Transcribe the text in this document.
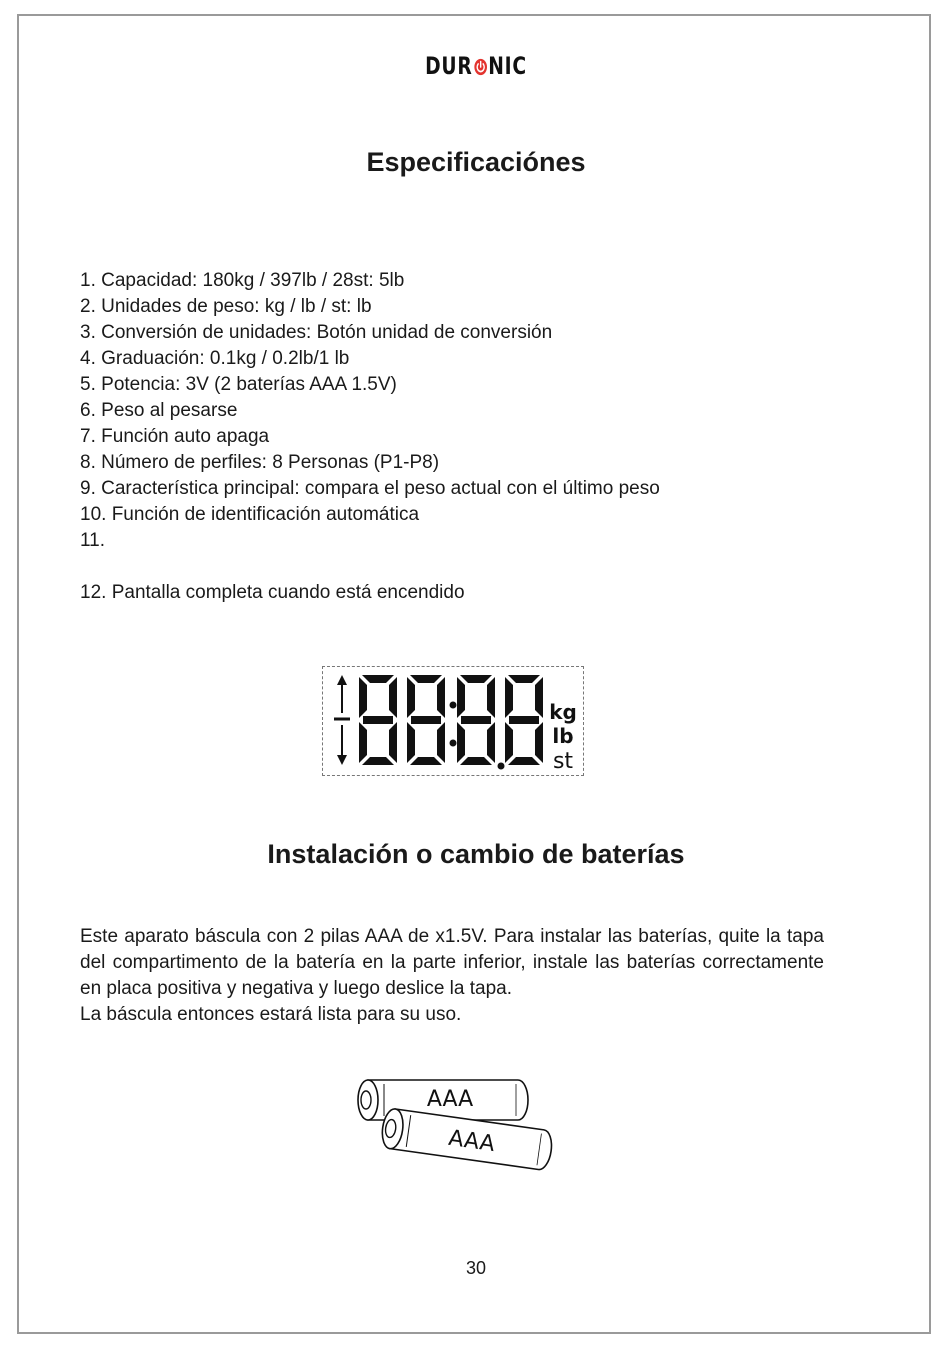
DUR NIC
Especificaciónes
1. Capacidad: 180kg / 397lb / 28st: 5lb
2. Unidades de peso: kg / lb / st: lb
3. Conversión de unidades: Botón unidad de conversión
4. Graduación: 0.1kg / 0.2lb/1 lb
5. Potencia: 3V (2 baterías AAA 1.5V)
6. Peso al pesarse
7. Función auto apaga
8. Número de perfiles: 8 Personas (P1-P8)
9. Característica principal: compara el peso actual con el último peso
10. Función de identificación automática
11.
12. Pantalla completa cuando está encendido
kg
lb
st
Instalación o cambio de baterías
Este aparato báscula con 2 pilas AAA de x1.5V. Para instalar las baterías, quite la tapa del compartimento de la batería en la parte inferior, instale las baterías correctamente en placa positiva y negativa y luego deslice la tapa.
La báscula entonces estará lista para su uso.
AAA
AAA
30
